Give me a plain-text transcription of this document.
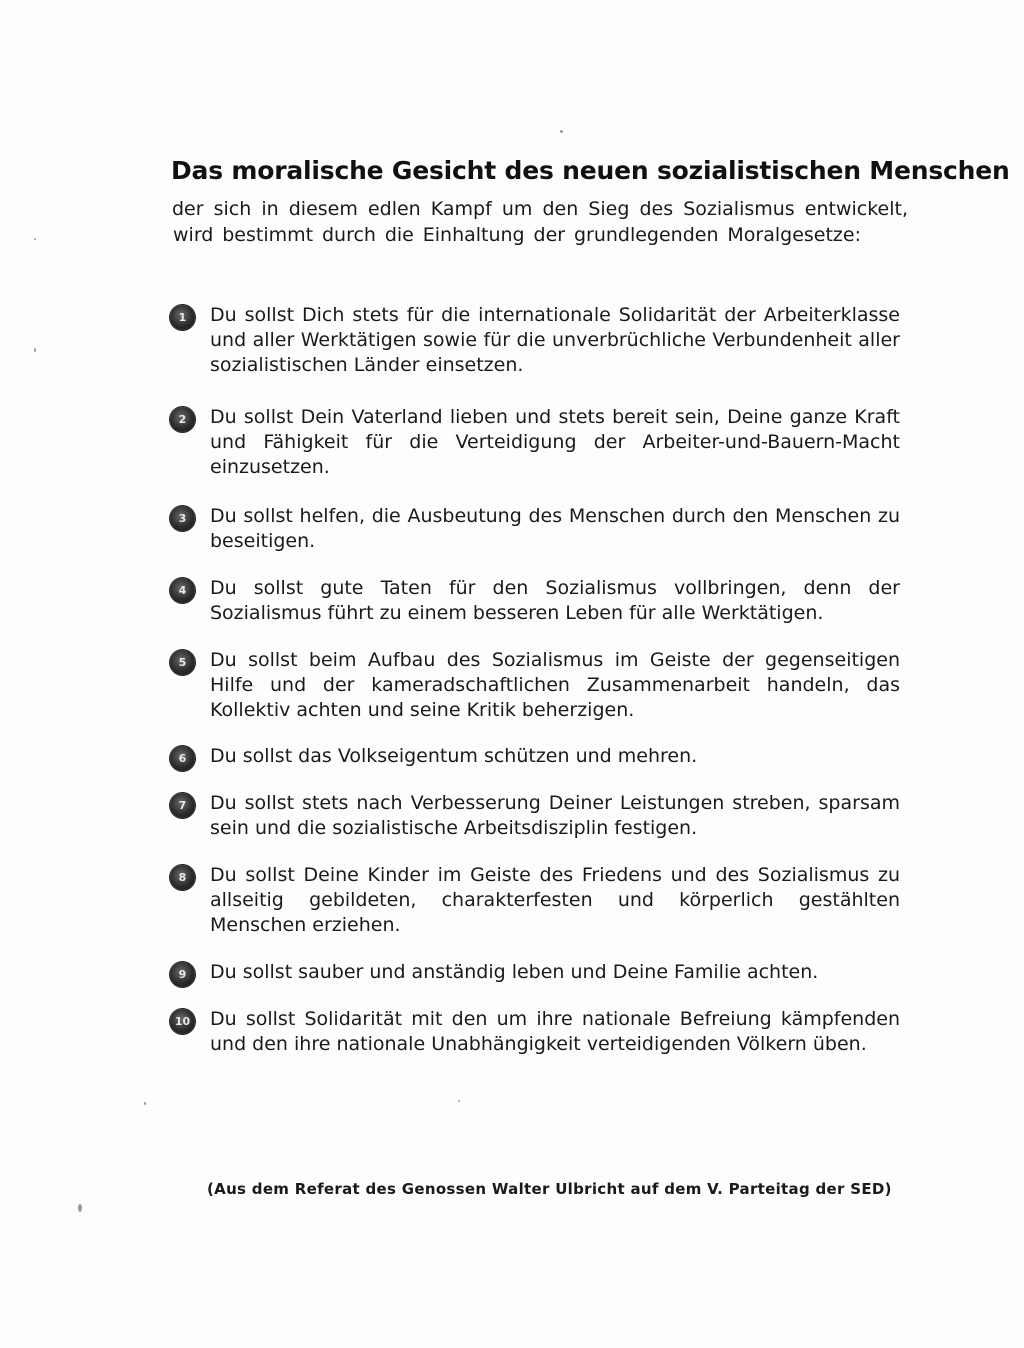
Das moralische Gesicht des neuen sozialistischen Menschen
der sich in diesem edlen Kampf um den Sieg des Sozialismus entwickelt,
wird bestimmt durch die Einhaltung der grundlegenden Moralgesetze:
1	Du sollst Dich stets für die internationale Solidarität der Arbeiterklasse und aller Werktätigen sowie für die unverbrüchliche Verbundenheit aller sozialistischen Länder einsetzen.
2	Du sollst Dein Vaterland lieben und stets bereit sein, Deine ganze Kraft und Fähigkeit für die Verteidigung der Arbeiter-und-Bauern-Macht einzusetzen.
3	Du sollst helfen, die Ausbeutung des Menschen durch den Menschen zu beseitigen.
4	Du sollst gute Taten für den Sozialismus vollbringen, denn der Sozialismus führt zu einem besseren Leben für alle Werktätigen.
5	Du sollst beim Aufbau des Sozialismus im Geiste der gegenseitigen Hilfe und der kameradschaftlichen Zusammenarbeit handeln, das Kollektiv achten und seine Kritik beherzigen.
6	Du sollst das Volkseigentum schützen und mehren.
7	Du sollst stets nach Verbesserung Deiner Leistungen streben, sparsam sein und die sozialistische Arbeitsdisziplin festigen.
8	Du sollst Deine Kinder im Geiste des Friedens und des Sozialismus zu allseitig gebildeten, charakterfesten und körperlich gestählten Menschen erziehen.
9	Du sollst sauber und anständig leben und Deine Familie achten.
10 Du sollst Solidarität mit den um ihre nationale Befreiung kämpfenden und den ihre nationale Unabhängigkeit verteidigenden Völkern üben.
(Aus dem Referat des Genossen Walter Ulbricht auf dem V. Parteitag der SED)
